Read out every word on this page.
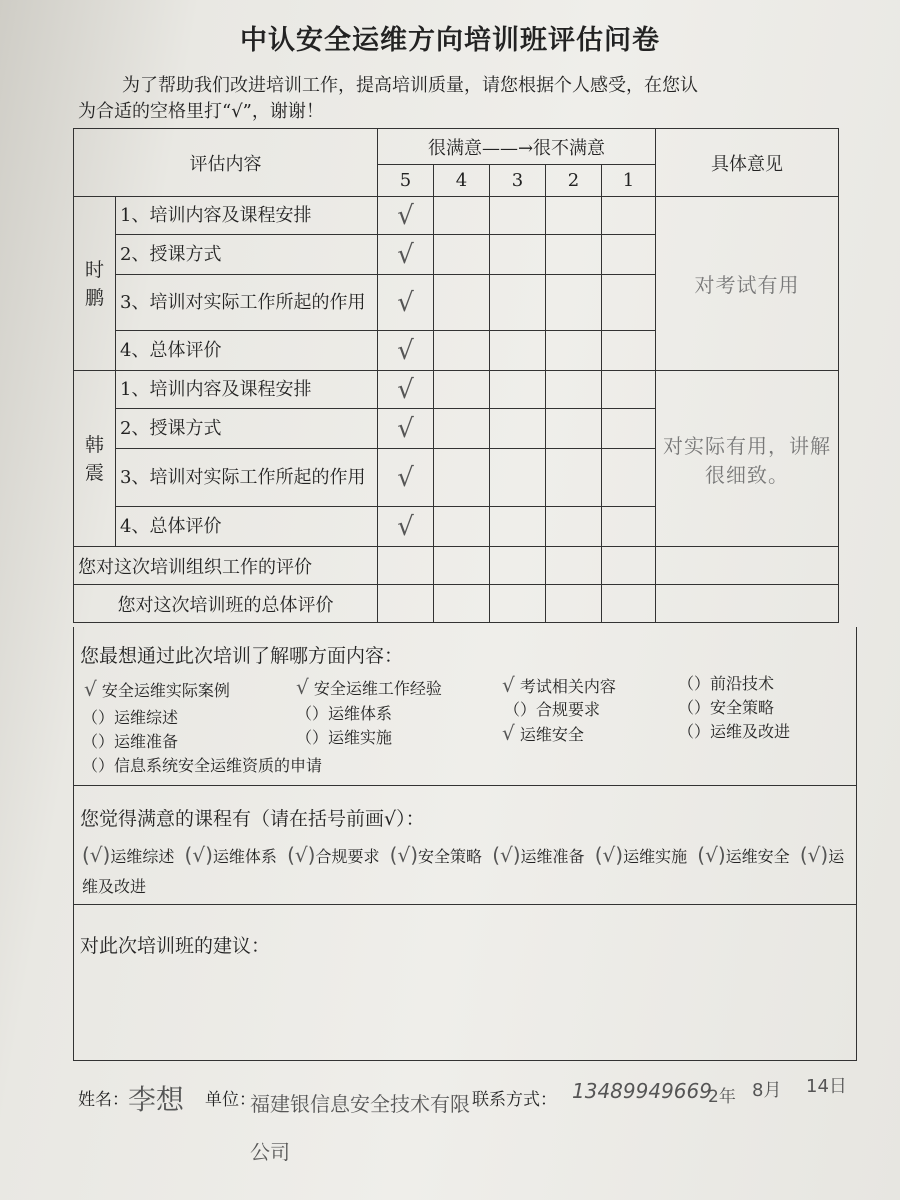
中认安全运维方向培训班评估问卷
为了帮助我们改进培训工作，提高培训质量，请您根据个人感受，在您认
为合适的空格里打“√”，谢谢！
评估内容		很满意——→很不满意					具体意见
		5	4	3	2	1	
时鹏	1、培训内容及课程安排	√					对考试有用
	2、授课方式	√					
	3、培训对实际工作所起的作用	√					
	4、总体评价	√					
韩震	1、培训内容及课程安排	√					对实际有用，讲解很细致。
	2、授课方式	√					
	3、培训对实际工作所起的作用	√					
	4、总体评价	√					
您对这次培训组织工作的评价							
您对这次培训班的总体评价							
您最想通过此次培训了解哪方面内容：
√ 安全运维实际案例	√ 安全运维工作经验	√ 考试相关内容	（）前沿技术
（）运维综述	（）运维体系	（）合规要求	（）安全策略
（）运维准备	（）运维实施	√ 运维安全	（）运维及改进
（）信息系统安全运维资质的申请
您觉得满意的课程有（请在括号前画√）：
(√)运维综述 (√)运维体系 (√)合规要求 (√)安全策略 (√)运维准备 (√)运维实施 (√)运维安全 (√)运维及改进
对此次培训班的建议：
姓名： 李想 单位：
福建银信息安全技术有限公司
联系方式： 13489949669
2年 8月 14日
